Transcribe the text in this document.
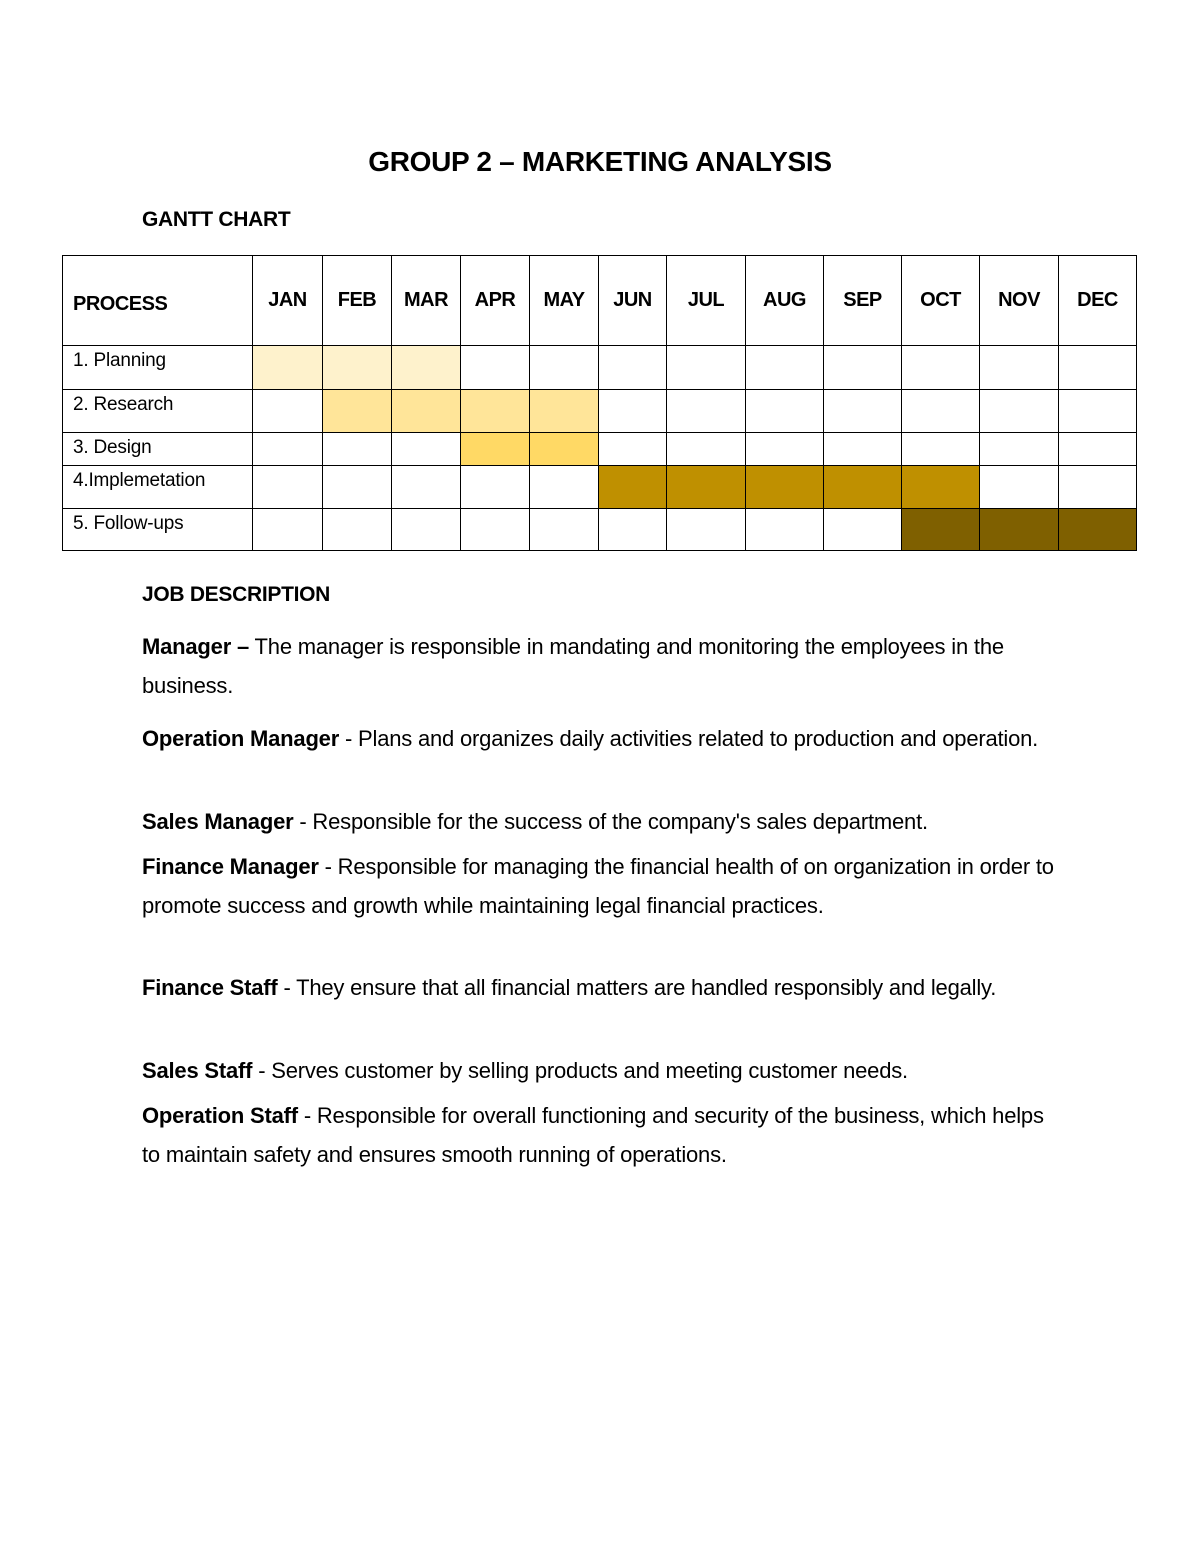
GROUP 2 – MARKETING ANALYSIS
GANTT CHART
PROCESS	JAN	FEB	MAR	APR	MAY	JUN	JUL	AUG	SEP	OCT	NOV	DEC
1. Planning												
2. Research												
3. Design												
4.Implemetation												
5. Follow-ups												
JOB DESCRIPTION

Manager – The manager is responsible in mandating and monitoring the employees in the business.

Operation Manager - Plans and organizes daily activities related to production and operation.

Sales Manager - Responsible for the success of the company's sales department.

Finance Manager - Responsible for managing the financial health of on organization in order to promote success and growth while maintaining legal financial practices.

Finance Staff - They ensure that all financial matters are handled responsibly and legally.

Sales Staff - Serves customer by selling products and meeting customer needs.

Operation Staff - Responsible for overall functioning and security of the business, which helps to maintain safety and ensures smooth running of operations.
